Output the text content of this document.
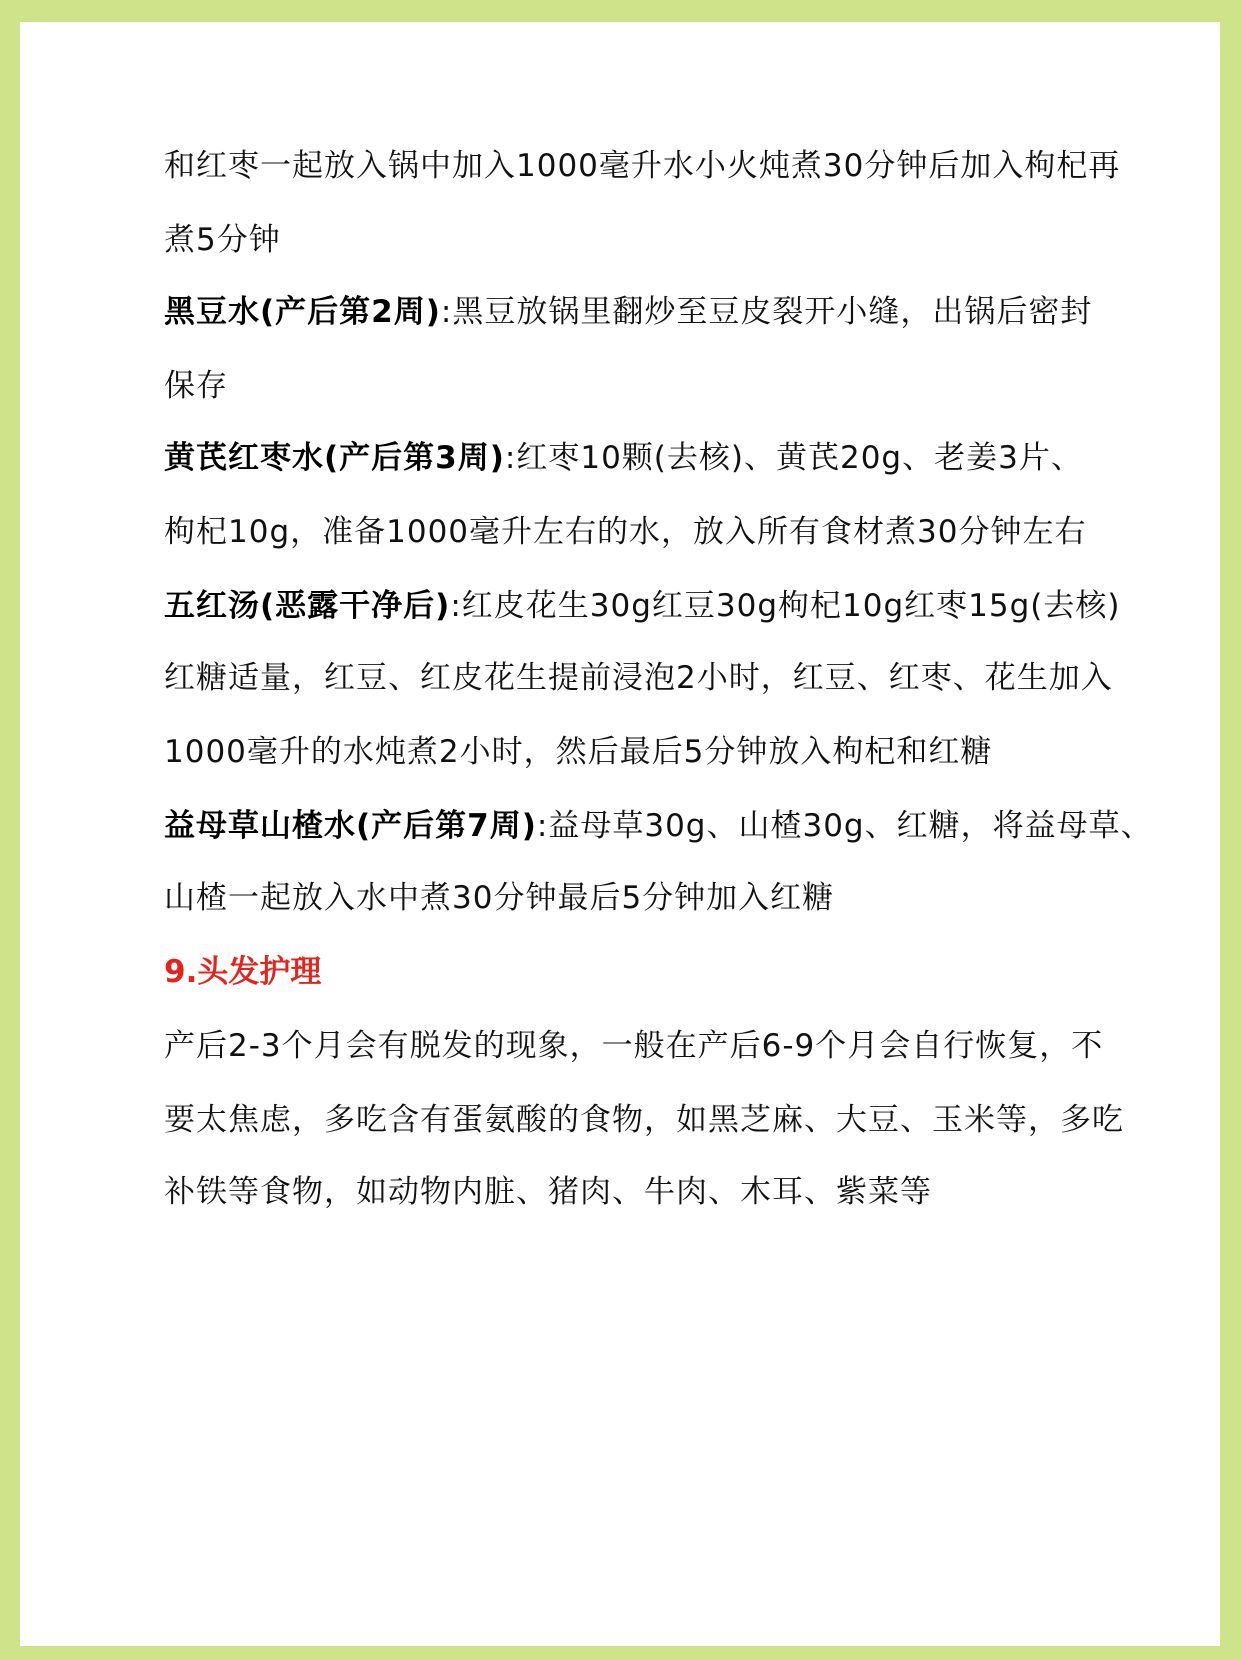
和红枣一起放入锅中加入1000毫升水小火炖煮30分钟后加入枸杞再
煮5分钟
黑豆水(产后第2周):黑豆放锅里翻炒至豆皮裂开小缝，出锅后密封
保存
黄芪红枣水(产后第3周):红枣10颗(去核)、黄芪20g、老姜3片、
枸杞10g，准备1000毫升左右的水，放入所有食材煮30分钟左右
五红汤(恶露干净后):红皮花生30g红豆30g枸杞10g红枣15g(去核)
红糖适量，红豆、红皮花生提前浸泡2小时，红豆、红枣、花生加入
1000毫升的水炖煮2小时，然后最后5分钟放入枸杞和红糖
益母草山楂水(产后第7周):益母草30g、山楂30g、红糖，将益母草、
山楂一起放入水中煮30分钟最后5分钟加入红糖
9.头发护理
产后2-3个月会有脱发的现象，一般在产后6-9个月会自行恢复，不
要太焦虑，多吃含有蛋氨酸的食物，如黑芝麻、大豆、玉米等，多吃
补铁等食物，如动物内脏、猪肉、牛肉、木耳、紫菜等
